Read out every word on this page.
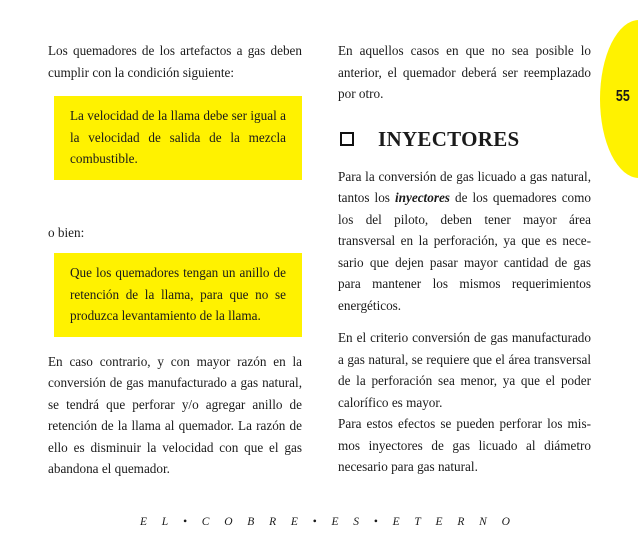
55

Los quemadores de los artefactos a gas deben cumplir con la condición siguiente:

La velocidad de la llama debe ser igual a la velocidad de salida de la mezcla combustible.

o bien:

Que los quemadores tengan un anillo de retención de la llama, para que no se produzca levantamiento de la llama.

En caso contrario, y con mayor razón en la conversión de gas manufacturado a gas natural, se tendrá que perforar y/o agregar anillo de retención de la llama al quemador. La razón de ello es disminuir la velocidad con que el gas abandona el quemador.

En aquellos casos en que no sea posible lo anterior, el quemador deberá ser reemplazado por otro.

INYECTORES

Para la conversión de gas licuado a gas natural, tantos los inyectores de los quemadores como los del piloto, deben tener mayor área transversal en la perforación, ya que es necesario que dejen pasar mayor cantidad de gas para mantener los mismos requerimientos energéticos.

En el criterio conversión de gas manufacturado a gas natural, se requiere que el área transversal de la perforación sea menor, ya que el poder calorífico es mayor.

Para estos efectos se pueden perforar los mismos inyectores de gas licuado al diámetro necesario para gas natural.

E L • C O B R E • E S • E T E R N O
